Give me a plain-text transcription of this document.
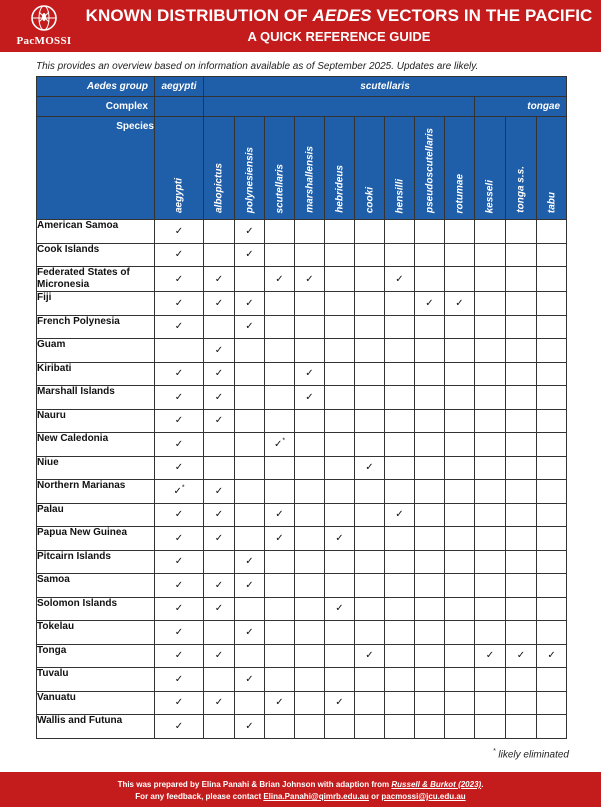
PacMOSSI
KNOWN DISTRIBUTION OF AEDES VECTORS IN THE PACIFIC
A QUICK REFERENCE GUIDE
This provides an overview based on information available as of September 2025. Updates are likely.
Aedes group	aegypti	scutellaris											
Complex											tongae		
Species	aegypti	albopictus	polynesiensis	scutellaris	marshallensis	hebrideus	cooki	hensilli	pseudoscutellaris	rotumae	kesseli	tonga s.s.	tabu

American Samoa	✓		✓										
Cook Islands	✓		✓										
Federated States of Micronesia	✓	✓		✓	✓			✓					
Fiji	✓	✓	✓						✓	✓			
French Polynesia	✓		✓										
Guam		✓											
Kiribati	✓	✓			✓								
Marshall Islands	✓	✓			✓								
Nauru	✓	✓											
New Caledonia	✓			✓*									
Niue	✓						✓						
Northern Marianas	✓*	✓											
Palau	✓	✓		✓				✓					
Papua New Guinea	✓	✓		✓		✓							
Pitcairn Islands	✓		✓										
Samoa	✓	✓	✓										
Solomon Islands	✓	✓				✓							
Tokelau	✓		✓										
Tonga	✓	✓					✓				✓	✓	✓
Tuvalu	✓		✓										
Vanuatu	✓	✓		✓		✓							
Wallis and Futuna	✓		✓										
* likely eliminated
This was prepared by Elina Panahi & Brian Johnson with adaption from Russell & Burkot (2023).
For any feedback, please contact Elina.Panahi@qimrb.edu.au or pacmossi@jcu.edu.au
